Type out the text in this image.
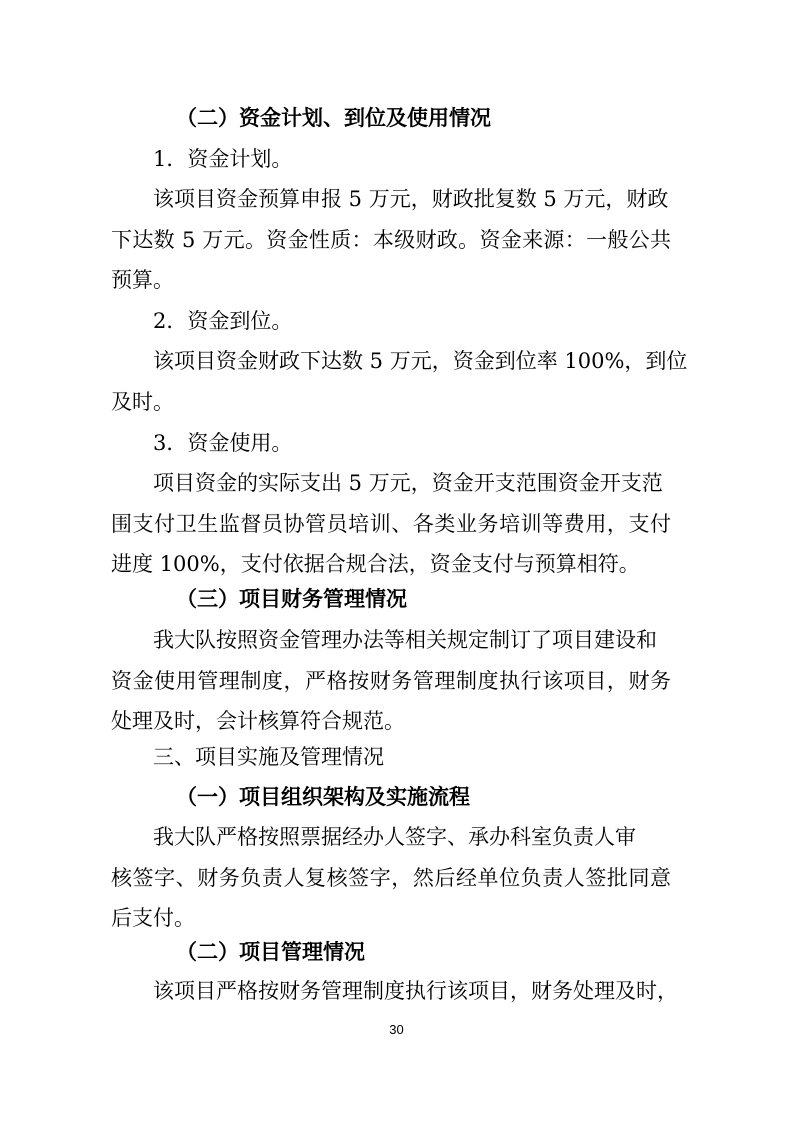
（二）资金计划、到位及使用情况
1．资金计划。
该项目资金预算申报 5 万元，财政批复数 5 万元，财政
下达数 5 万元。资金性质：本级财政。资金来源：一般公共
预算。
2．资金到位。
该项目资金财政下达数 5 万元，资金到位率 100%，到位
及时。
3．资金使用。
项目资金的实际支出 5 万元，资金开支范围资金开支范
围支付卫生监督员协管员培训、各类业务培训等费用，支付
进度 100%，支付依据合规合法，资金支付与预算相符。
（三）项目财务管理情况
我大队按照资金管理办法等相关规定制订了项目建设和
资金使用管理制度，严格按财务管理制度执行该项目，财务
处理及时，会计核算符合规范。
三、项目实施及管理情况
（一）项目组织架构及实施流程
我大队严格按照票据经办人签字、承办科室负责人审
核签字、财务负责人复核签字，然后经单位负责人签批同意
后支付。
（二）项目管理情况
该项目严格按财务管理制度执行该项目，财务处理及时，
30
